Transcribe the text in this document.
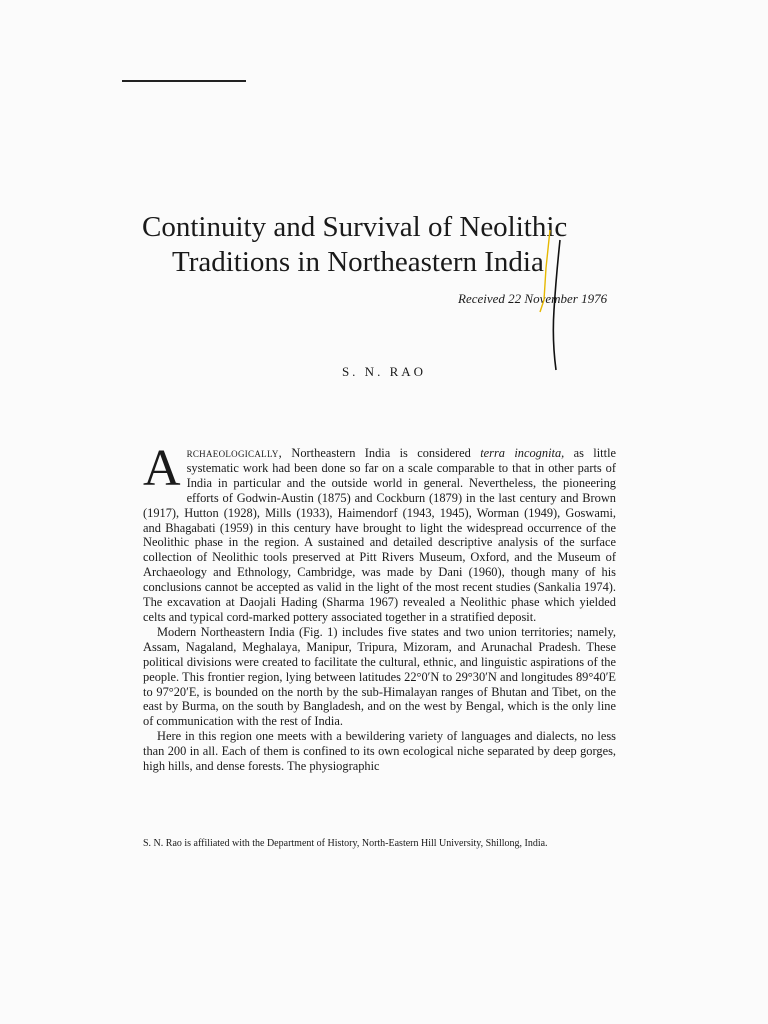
Continuity and Survival of Neolithic
Traditions in Northeastern India
Received 22 November 1976
S. N. RAO

Archaeologically, Northeastern India is considered terra incognita, as little systematic work had been done so far on a scale comparable to that in other parts of India in particular and the outside world in general. Nevertheless, the pioneering efforts of Godwin-Austin (1875) and Cockburn (1879) in the last century and Brown (1917), Hutton (1928), Mills (1933), Haimendorf (1943, 1945), Worman (1949), Goswami, and Bhagabati (1959) in this century have brought to light the widespread occurrence of the Neolithic phase in the region. A sustained and detailed descriptive analysis of the surface collection of Neolithic tools preserved at Pitt Rivers Museum, Oxford, and the Museum of Archaeology and Ethnology, Cambridge, was made by Dani (1960), though many of his conclusions cannot be accepted as valid in the light of the most recent studies (Sankalia 1974). The excavation at Daojali Hading (Sharma 1967) revealed a Neolithic phase which yielded celts and typical cord-marked pottery associated together in a stratified deposit.

Modern Northeastern India (Fig. 1) includes five states and two union territories; namely, Assam, Nagaland, Meghalaya, Manipur, Tripura, Mizoram, and Arunachal Pradesh. These political divisions were created to facilitate the cultural, ethnic, and linguistic aspirations of the people. This frontier region, lying between latitudes 22°0′N to 29°30′N and longitudes 89°40′E to 97°20′E, is bounded on the north by the sub-Himalayan ranges of Bhutan and Tibet, on the east by Burma, on the south by Bangladesh, and on the west by Bengal, which is the only line of communication with the rest of India.

Here in this region one meets with a bewildering variety of languages and dialects, no less than 200 in all. Each of them is confined to its own ecological niche separated by deep gorges, high hills, and dense forests. The physiographic

S. N. Rao is affiliated with the Department of History, North-Eastern Hill University, Shillong, India.
